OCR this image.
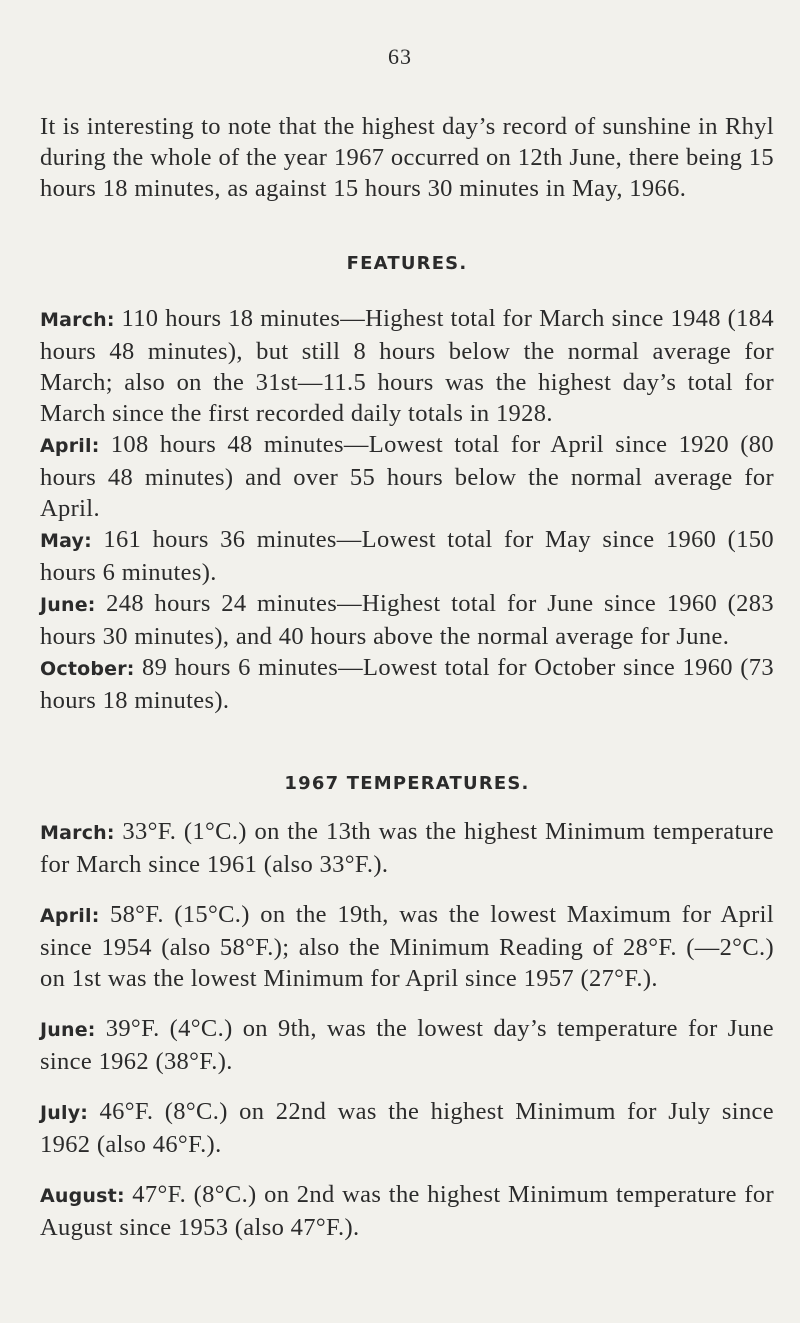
63

It is interesting to note that the highest day’s record of sunshine in Rhyl during the whole of the year 1967 occurred on 12th June, there being 15 hours 18 minutes, as against 15 hours 30 minutes in May, 1966.

FEATURES.

March: 110 hours 18 minutes—Highest total for March since 1948 (184 hours 48 minutes), but still 8 hours below the normal average for March; also on the 31st—11.5 hours was the highest day’s total for March since the first recorded daily totals in 1928.

April: 108 hours 48 minutes—Lowest total for April since 1920 (80 hours 48 minutes) and over 55 hours below the normal average for April.

May: 161 hours 36 minutes—Lowest total for May since 1960 (150 hours 6 minutes).

June: 248 hours 24 minutes—Highest total for June since 1960 (283 hours 30 minutes), and 40 hours above the normal average for June.

October: 89 hours 6 minutes—Lowest total for October since 1960 (73 hours 18 minutes).

1967 TEMPERATURES.

March: 33°F. (1°C.) on the 13th was the highest Minimum temperature for March since 1961 (also 33°F.).

April: 58°F. (15°C.) on the 19th, was the lowest Maximum for April since 1954 (also 58°F.); also the Minimum Reading of 28°F. (—2°C.) on 1st was the lowest Minimum for April since 1957 (27°F.).

June: 39°F. (4°C.) on 9th, was the lowest day’s temperature for June since 1962 (38°F.).

July: 46°F. (8°C.) on 22nd was the highest Minimum for July since 1962 (also 46°F.).

August: 47°F. (8°C.) on 2nd was the highest Minimum temperature for August since 1953 (also 47°F.).
